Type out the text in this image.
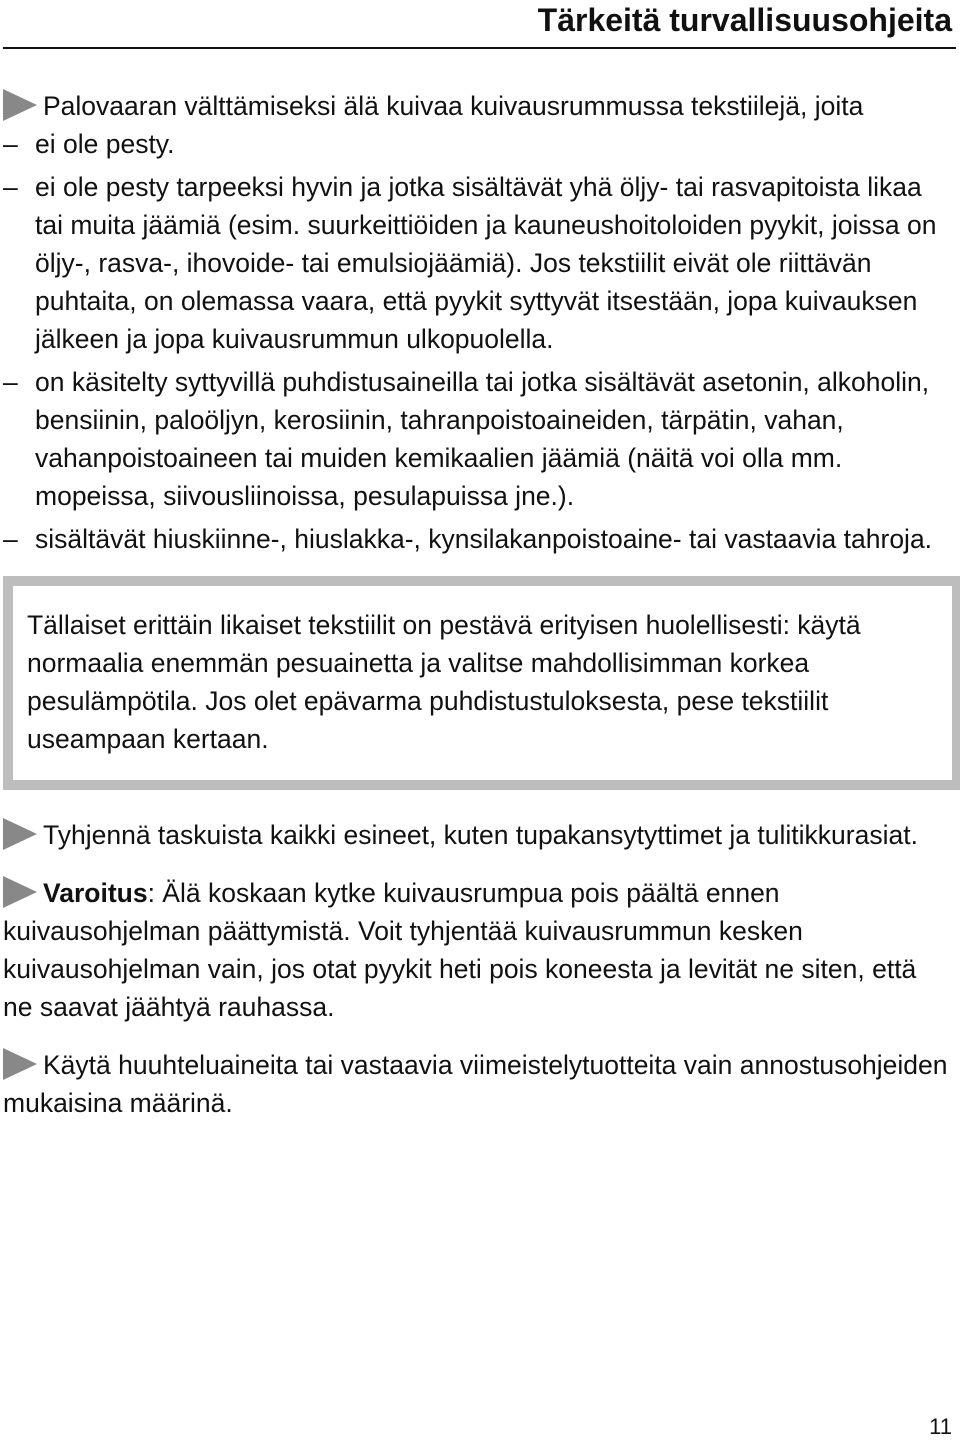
Tärkeitä turvallisuusohjeita

Palovaaran välttämiseksi älä kuivaa kuivausrummussa tekstiilejä, joita

– ei ole pesty.
– ei ole pesty tarpeeksi hyvin ja jotka sisältävät yhä öljy- tai rasvapitoista likaa tai muita jäämiä (esim. suurkeittiöiden ja kauneushoitoloiden pyykit, joissa on öljy-, rasva-, ihovoide- tai emulsiojäämiä). Jos tekstiilit eivät ole riittävän puhtaita, on olemassa vaara, että pyykit syttyvät itsestään, jopa kuivauksen jälkeen ja jopa kuivausrummun ulkopuolella.
– on käsitelty syttyvillä puhdistusaineilla tai jotka sisältävät asetonin, alkoholin, bensiinin, paloöljyn, kerosiinin, tahranpoistoaineiden, tärpätin, vahan, vahanpoistoaineen tai muiden kemikaalien jäämiä (näitä voi olla mm. mopeissa, siivousliinoissa, pesulapuissa jne.).
– sisältävät hiuskiinne-, hiuslakka-, kynsilakanpoistoaine- tai vastaavia tahroja.

Tällaiset erittäin likaiset tekstiilit on pestävä erityisen huolellisesti: käytä normaalia enemmän pesuainetta ja valitse mahdollisimman korkea pesulämpötila. Jos olet epävarma puhdistustuloksesta, pese tekstiilit useampaan kertaan.

Tyhjennä taskuista kaikki esineet, kuten tupakansytyttimet ja tulitikkurasiat.

Varoitus: Älä koskaan kytke kuivausrumpua pois päältä ennen kuivausohjelman päättymistä. Voit tyhjentää kuivausrummun kesken kuivausohjelman vain, jos otat pyykit heti pois koneesta ja levität ne siten, että ne saavat jäähtyä rauhassa.

Käytä huuhteluaineita tai vastaavia viimeistelytuotteita vain annostusohjeiden mukaisina määrinä.

11
